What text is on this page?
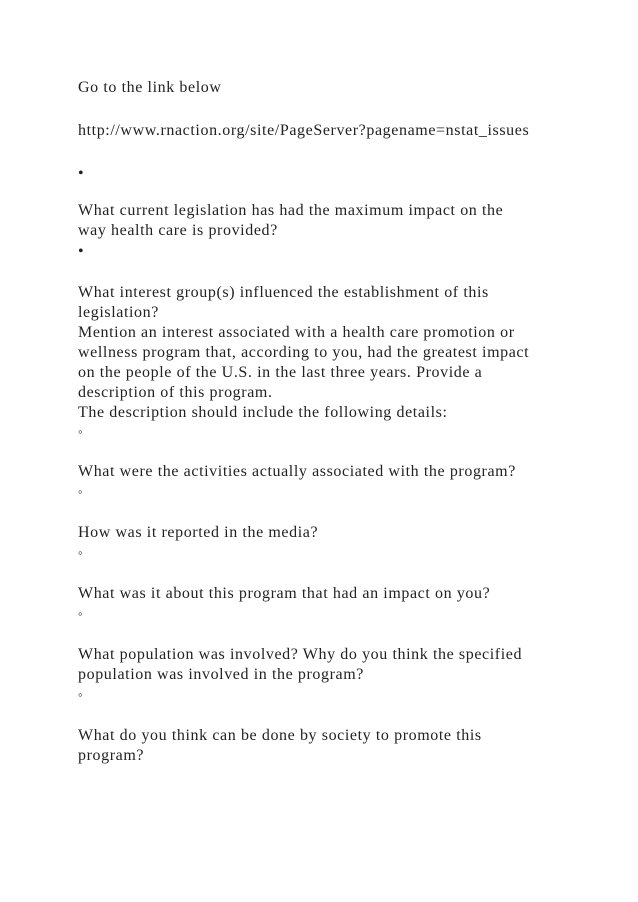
Go to the link below
http://www.rnaction.org/site/PageServer?pagename=nstat_issues
•
What current legislation has had the maximum impact on the
way health care is provided?
•
What interest group(s) influenced the establishment of this
legislation?
Mention an interest associated with a health care promotion or
wellness program that, according to you, had the greatest impact
on the people of the U.S. in the last three years. Provide a
description of this program.
The description should include the following details:
◦
What were the activities actually associated with the program?
◦
How was it reported in the media?
◦
What was it about this program that had an impact on you?
◦
What population was involved? Why do you think the specified
population was involved in the program?
◦
What do you think can be done by society to promote this
program?
